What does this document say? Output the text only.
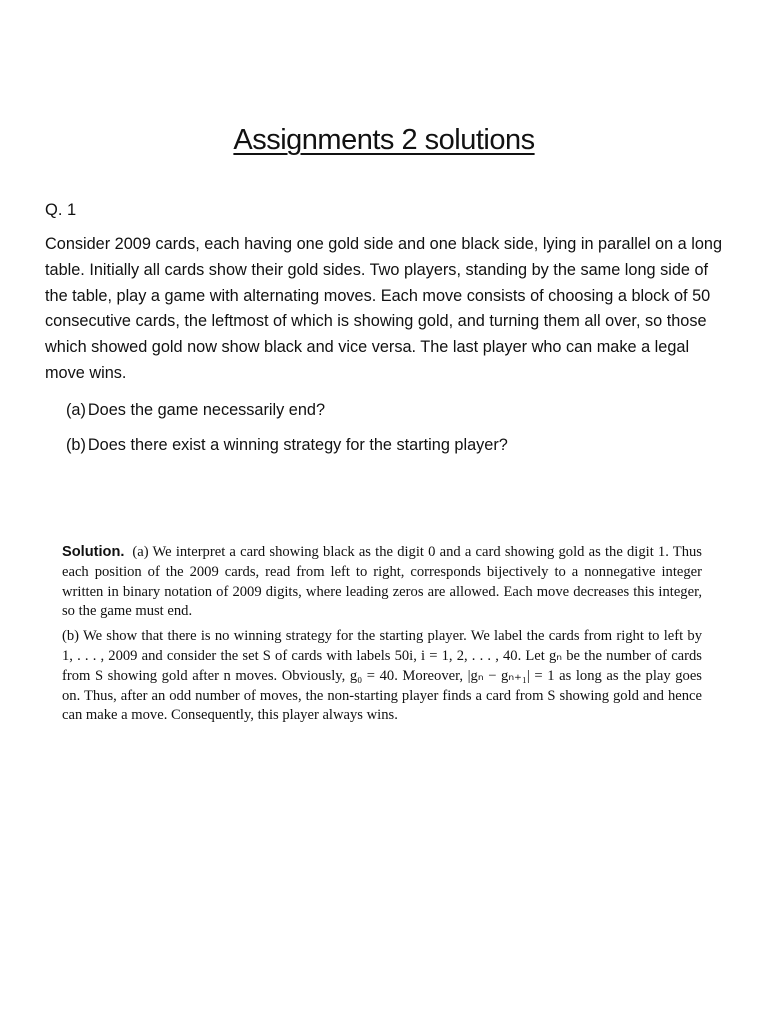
Assignments 2 solutions

Q. 1

Consider 2009 cards, each having one gold side and one black side, lying in parallel on a long table. Initially all cards show their gold sides. Two players, standing by the same long side of the table, play a game with alternating moves. Each move consists of choosing a block of 50 consecutive cards, the leftmost of which is showing gold, and turning them all over, so those which showed gold now show black and vice versa. The last player who can make a legal move wins.

(a) Does the game necessarily end?
(b) Does there exist a winning strategy for the starting player?

Solution. (a) We interpret a card showing black as the digit 0 and a card showing gold as the digit 1. Thus each position of the 2009 cards, read from left to right, corresponds bijectively to a nonnegative integer written in binary notation of 2009 digits, where leading zeros are allowed. Each move decreases this integer, so the game must end.

(b) We show that there is no winning strategy for the starting player. We label the cards from right to left by 1, . . . , 2009 and consider the set S of cards with labels 50i, i = 1, 2, . . . , 40. Let gₙ be the number of cards from S showing gold after n moves. Obviously, g₀ = 40. Moreover, |gₙ − gₙ₊₁| = 1 as long as the play goes on. Thus, after an odd number of moves, the non-starting player finds a card from S showing gold and hence can make a move. Consequently, this player always wins.
